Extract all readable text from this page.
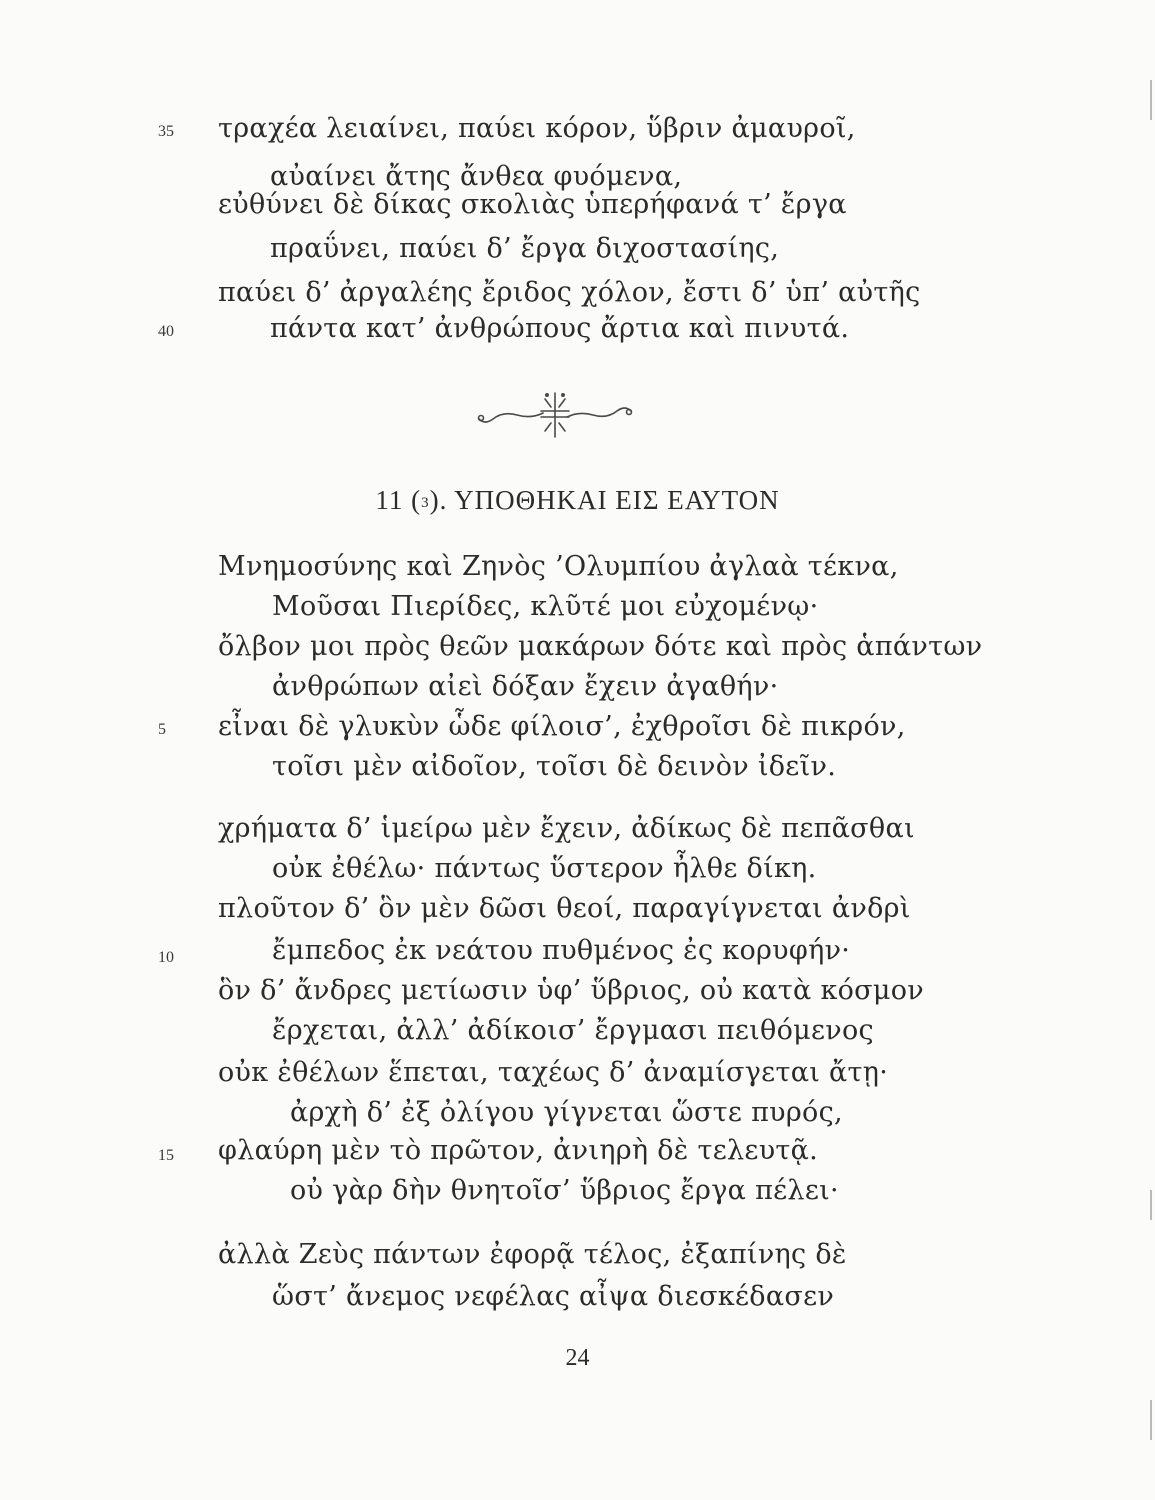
35 τραχέα λειαίνει, παύει κόρον, ὕβριν ἀμαυροῖ,
αὐαίνει ἄτης ἄνθεα φυόμενα,
εὐθύνει δὲ δίκας σκολιὰς ὑπερήφανά τ’ ἔργα
πραΰνει, παύει δ’ ἔργα διχοστασίης,
παύει δ’ ἀργαλέης ἔριδος χόλον, ἔστι δ’ ὑπ’ αὐτῆς
40	πάντα κατ’ ἀνθρώπους ἄρτια καὶ πινυτά.
11 ($^3$). ΥΠΟΘΗΚΑΙ ΕΙΣ ΕΑΥΤΟΝ
Μνημοσύνης καὶ Ζηνὸς ’Ολυμπίου ἀγλαὰ τέκνα,
Μοῦσαι Πιερίδες, κλῦτέ μοι εὐχομένῳ·
ὄλβον μοι πρὸς θεῶν μακάρων δότε καὶ πρὸς ἁπάντων
ἀνθρώπων αἰεὶ δόξαν ἔχειν ἀγαθήν·
5 εἶναι δὲ γλυκὺν ὧδε φίλοισ’, ἐχθροῖσι δὲ πικρόν,
τοῖσι μὲν αἰδοῖον, τοῖσι δὲ δεινὸν ἰδεῖν.
χρήματα δ’ ἱμείρω μὲν ἔχειν, ἀδίκως δὲ πεπᾶσθαι
οὐκ ἐθέλω· πάντως ὕστερον ἦλθε δίκη.
πλοῦτον δ’ ὃν μὲν δῶσι θεοί, παραγίγνεται ἀνδρὶ
10	ἔμπεδος ἐκ νεάτου πυθμένος ἐς κορυφήν·
ὃν δ’ ἄνδρες μετίωσιν ὑφ’ ὕβριος, οὐ κατὰ κόσμον
ἔρχεται, ἀλλ’ ἀδίκοισ’ ἔργμασι πειθόμενος
οὐκ ἐθέλων ἕπεται, ταχέως δ’ ἀναμίσγεται ἄτῃ·
ἀρχὴ δ’ ἐξ ὀλίγου γίγνεται ὥστε πυρός,
15 φλαύρη μὲν τὸ πρῶτον, ἀνιηρὴ δὲ τελευτᾷ.
οὐ γὰρ δὴν θνητοῖσ’ ὕβριος ἔργα πέλει·
ἀλλὰ Ζεὺς πάντων ἐφορᾷ τέλος, ἐξαπίνης δὲ
ὥστ’ ἄνεμος νεφέλας αἶψα διεσκέδασεν
24
